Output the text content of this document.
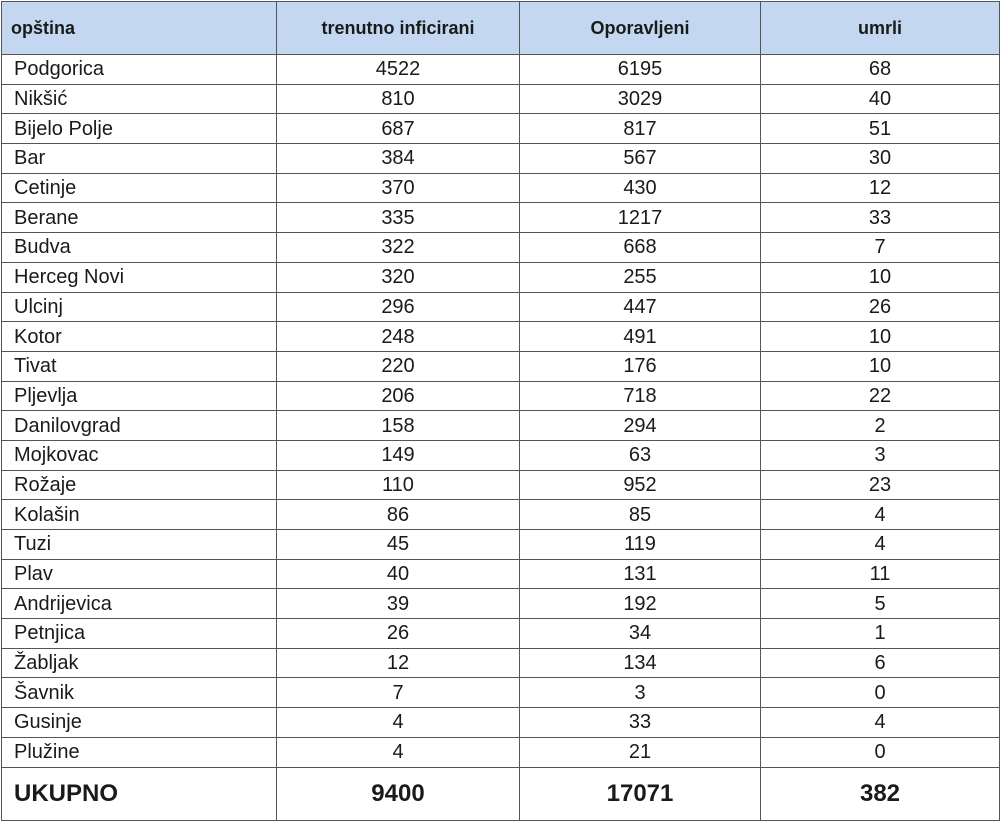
opština	trenutno inficirani	Oporavljeni	umrli
Podgorica	4522	6195	68
Nikšić	810	3029	40
Bijelo Polje	687	817	51
Bar	384	567	30
Cetinje	370	430	12
Berane	335	1217	33
Budva	322	668	7
Herceg Novi	320	255	10
Ulcinj	296	447	26
Kotor	248	491	10
Tivat	220	176	10
Pljevlja	206	718	22
Danilovgrad	158	294	2
Mojkovac	149	63	3
Rožaje	110	952	23
Kolašin	86	85	4
Tuzi	45	119	4
Plav	40	131	11
Andrijevica	39	192	5
Petnjica	26	34	1
Žabljak	12	134	6
Šavnik	7	3	0
Gusinje	4	33	4
Plužine	4	21	0
UKUPNO	9400	17071	382
